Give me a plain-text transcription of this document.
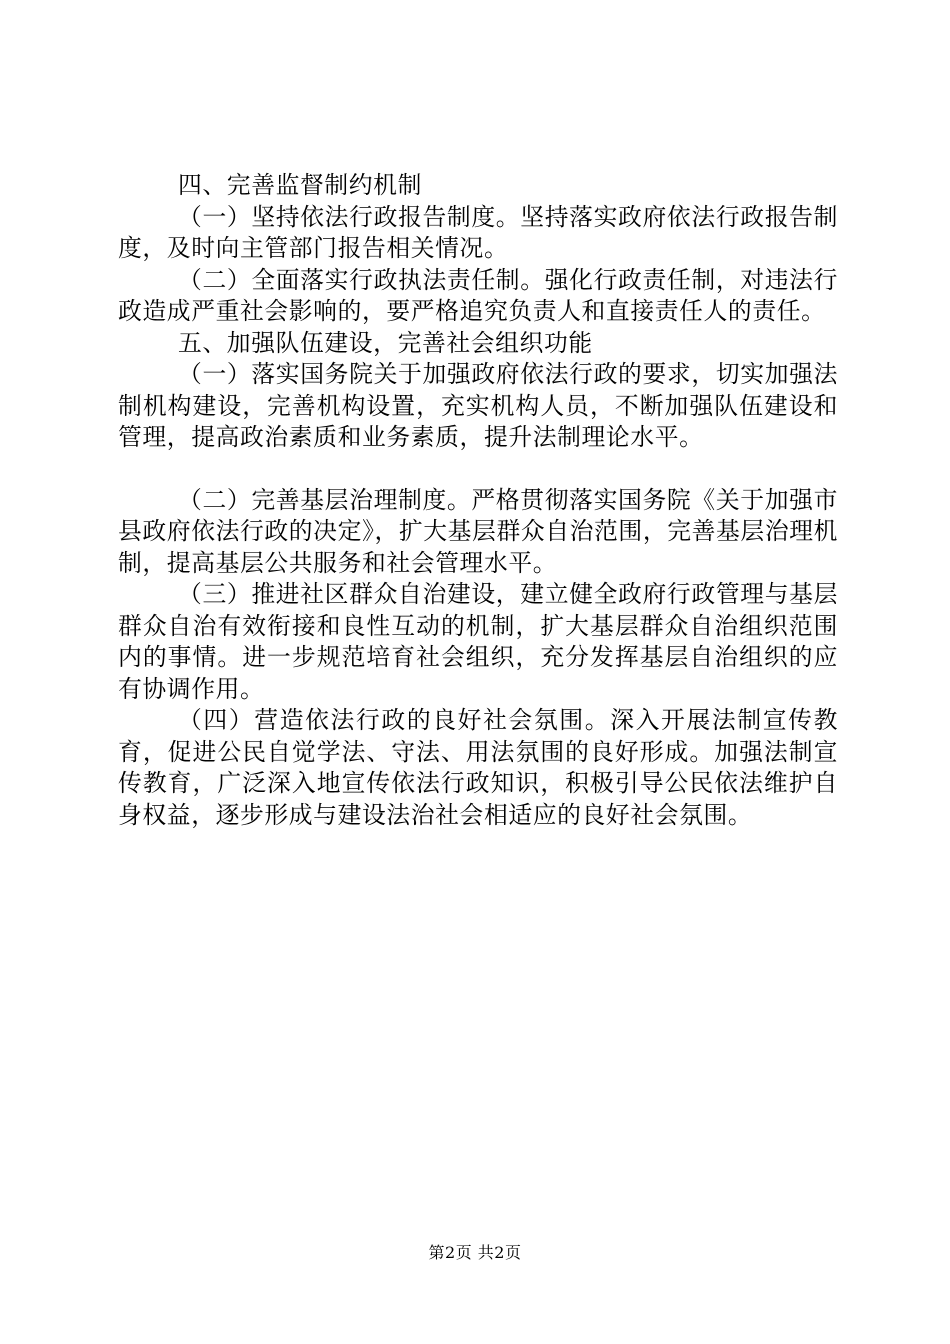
四、完善监督制约机制

（一）坚持依法行政报告制度。坚持落实政府依法行政报告制度，及时向主管部门报告相关情况。

（二）全面落实行政执法责任制。强化行政责任制，对违法行政造成严重社会影响的，要严格追究负责人和直接责任人的责任。

五、加强队伍建设，完善社会组织功能

（一）落实国务院关于加强政府依法行政的要求，切实加强法制机构建设，完善机构设置，充实机构人员，不断加强队伍建设和管理，提高政治素质和业务素质，提升法制理论水平。

（二）完善基层治理制度。严格贯彻落实国务院《关于加强市县政府依法行政的决定》，扩大基层群众自治范围，完善基层治理机制，提高基层公共服务和社会管理水平。

（三）推进社区群众自治建设，建立健全政府行政管理与基层群众自治有效衔接和良性互动的机制，扩大基层群众自治组织范围内的事情。进一步规范培育社会组织，充分发挥基层自治组织的应有协调作用。

（四）营造依法行政的良好社会氛围。深入开展法制宣传教育，促进公民自觉学法、守法、用法氛围的良好形成。加强法制宣传教育，广泛深入地宣传依法行政知识，积极引导公民依法维护自身权益，逐步形成与建设法治社会相适应的良好社会氛围。

第2页 共2页
